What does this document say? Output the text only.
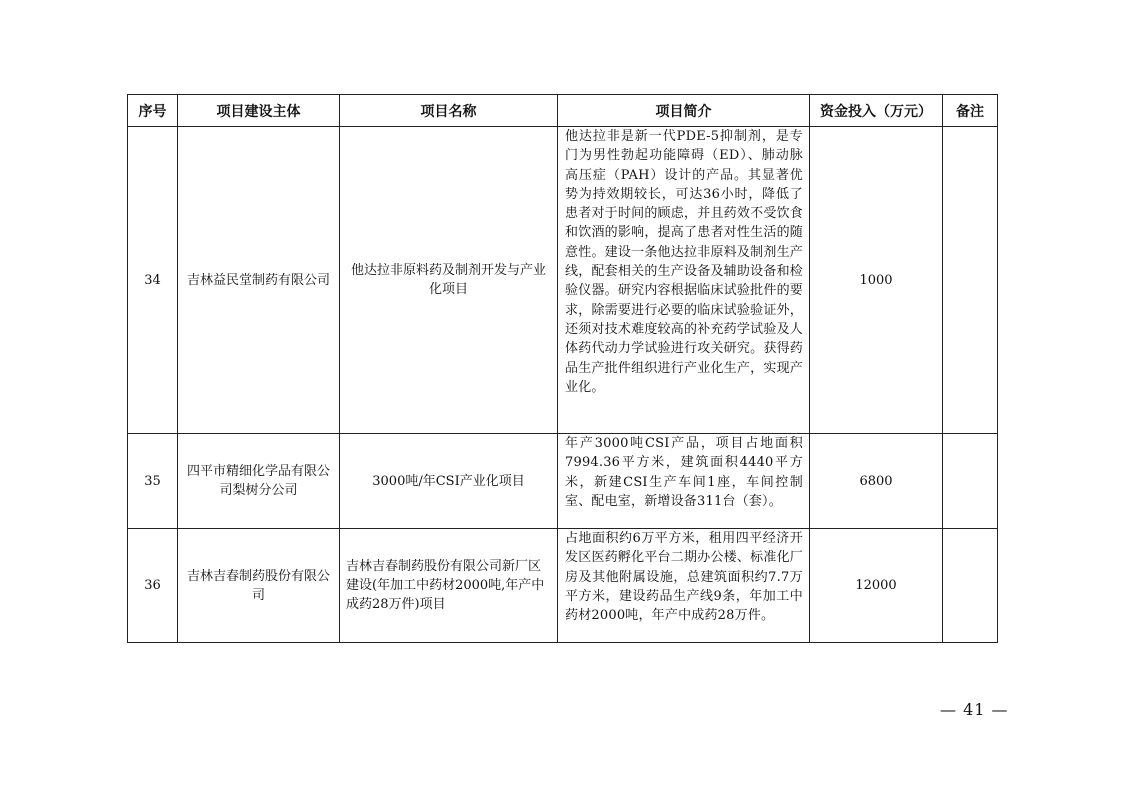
序号	项目建设主体	项目名称	项目简介	资金投入（万元）	备注
34	吉林益民堂制药有限公司	他达拉非原料药及制剂开发与产业化项目	他达拉非是新一代PDE-5抑制剂，是专门为男性勃起功能障碍（ED）、肺动脉高压症（PAH）设计的产品。其显著优势为持效期较长，可达36小时，降低了患者对于时间的顾虑，并且药效不受饮食和饮酒的影响，提高了患者对性生活的随意性。建设一条他达拉非原料及制剂生产线，配套相关的生产设备及辅助设备和检验仪器。研究内容根据临床试验批件的要求，除需要进行必要的临床试验验证外，还须对技术难度较高的补充药学试验及人体药代动力学试验进行攻关研究。获得药品生产批件组织进行产业化生产，实现产业化。	1000	
35	四平市精细化学品有限公司梨树分公司	3000吨/年CSI产业化项目	年产3000吨CSI产品，项目占地面积7994.36平方米，建筑面积4440平方米，新建CSI生产车间1座，车间控制室、配电室，新增设备311台（套）。	6800	
36	吉林吉春制药股份有限公司	吉林吉春制药股份有限公司新厂区建设(年加工中药材2000吨,年产中成药28万件)项目	占地面积约6万平方米，租用四平经济开发区医药孵化平台二期办公楼、标准化厂房及其他附属设施，总建筑面积约7.7万平方米，建设药品生产线9条，年加工中药材2000吨，年产中成药28万件。	12000	
— 41 —
